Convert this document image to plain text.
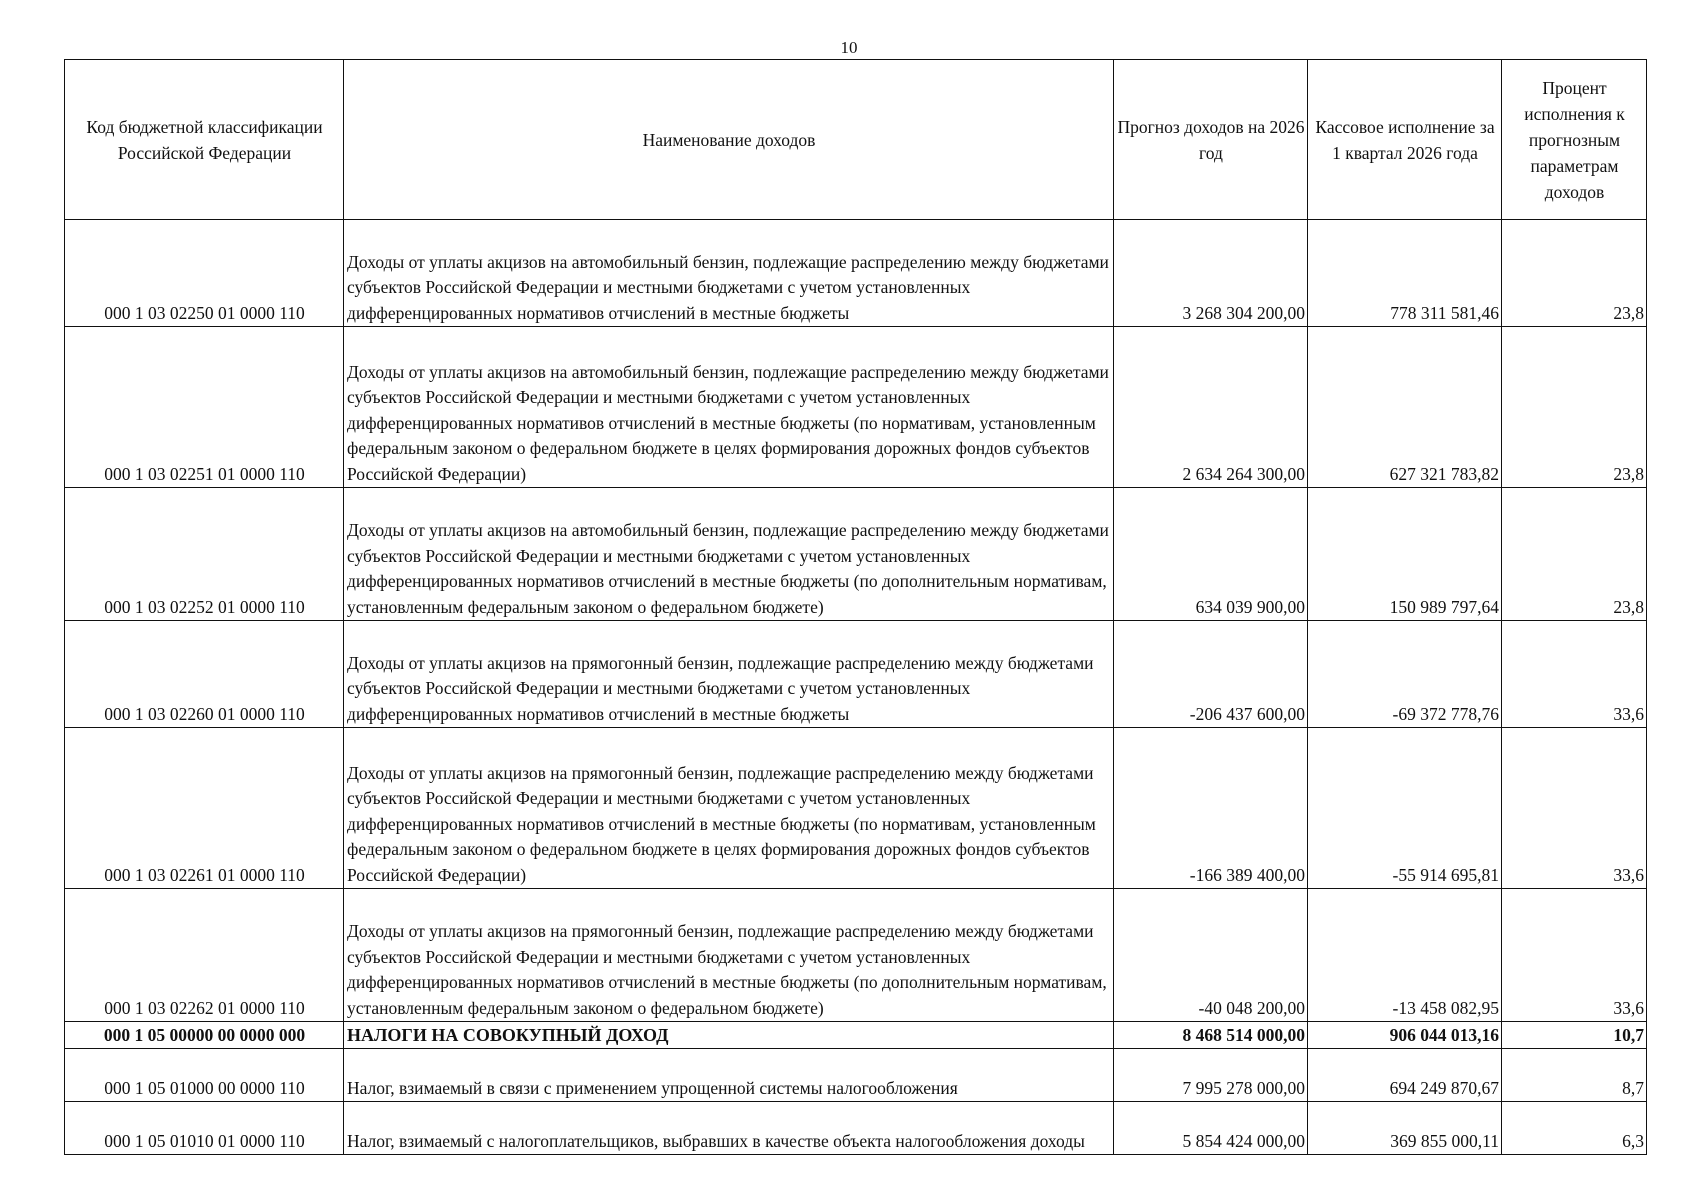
10
Код бюджетной классификации Российской Федерации	Наименование доходов	Прогноз доходов на 2026 год	Кассовое исполнение за 1 квартал 2026 года	Процент исполнения к прогнозным параметрам доходов
000 1 03 02250 01 0000 110	Доходы от уплаты акцизов на автомобильный бензин, подлежащие распределению между бюджетами субъектов Российской Федерации и местными бюджетами с учетом установленных дифференцированных нормативов отчислений в местные бюджеты	3 268 304 200,00	778 311 581,46	23,8
000 1 03 02251 01 0000 110	Доходы от уплаты акцизов на автомобильный бензин, подлежащие распределению между бюджетами субъектов Российской Федерации и местными бюджетами с учетом установленных дифференцированных нормативов отчислений в местные бюджеты (по нормативам, установленным федеральным законом о федеральном бюджете в целях формирования дорожных фондов субъектов Российской Федерации)	2 634 264 300,00	627 321 783,82	23,8
000 1 03 02252 01 0000 110	Доходы от уплаты акцизов на автомобильный бензин, подлежащие распределению между бюджетами субъектов Российской Федерации и местными бюджетами с учетом установленных дифференцированных нормативов отчислений в местные бюджеты (по дополнительным нормативам, установленным федеральным законом о федеральном бюджете)	634 039 900,00	150 989 797,64	23,8
000 1 03 02260 01 0000 110	Доходы от уплаты акцизов на прямогонный бензин, подлежащие распределению между бюджетами субъектов Российской Федерации и местными бюджетами с учетом установленных дифференцированных нормативов отчислений в местные бюджеты	-206 437 600,00	-69 372 778,76	33,6
000 1 03 02261 01 0000 110	Доходы от уплаты акцизов на прямогонный бензин, подлежащие распределению между бюджетами субъектов Российской Федерации и местными бюджетами с учетом установленных дифференцированных нормативов отчислений в местные бюджеты (по нормативам, установленным федеральным законом о федеральном бюджете в целях формирования дорожных фондов субъектов Российской Федерации)	-166 389 400,00	-55 914 695,81	33,6
000 1 03 02262 01 0000 110	Доходы от уплаты акцизов на прямогонный бензин, подлежащие распределению между бюджетами субъектов Российской Федерации и местными бюджетами с учетом установленных дифференцированных нормативов отчислений в местные бюджеты (по дополнительным нормативам, установленным федеральным законом о федеральном бюджете)	-40 048 200,00	-13 458 082,95	33,6
000 1 05 00000 00 0000 000	НАЛОГИ НА СОВОКУПНЫЙ ДОХОД	8 468 514 000,00	906 044 013,16	10,7
000 1 05 01000 00 0000 110	Налог, взимаемый в связи с применением упрощенной системы налогообложения	7 995 278 000,00	694 249 870,67	8,7
000 1 05 01010 01 0000 110	Налог, взимаемый с налогоплательщиков, выбравших в качестве объекта налогообложения доходы	5 854 424 000,00	369 855 000,11	6,3
